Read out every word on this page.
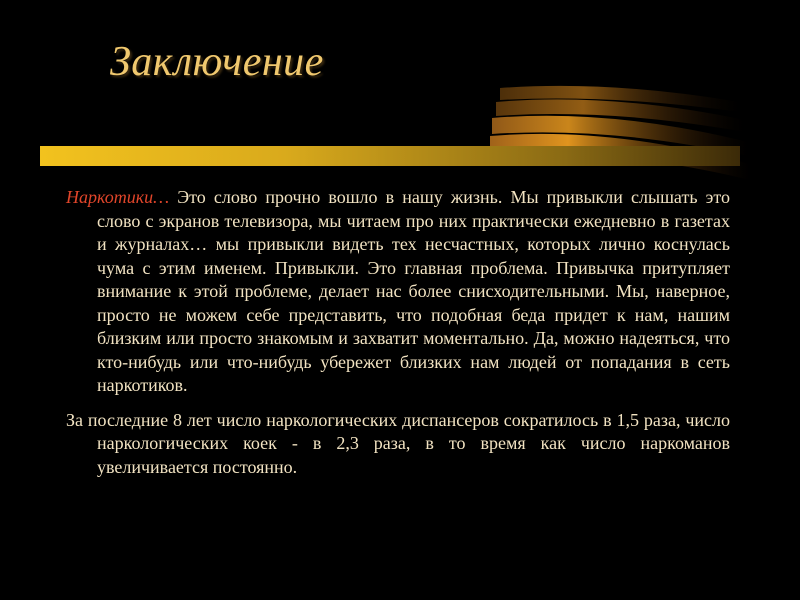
Заключение

Наркотики… Это слово прочно вошло в нашу жизнь. Мы привыкли слышать это слово с экранов телевизора, мы читаем про них практически ежедневно в газетах и журналах… мы привыкли видеть тех несчастных, которых лично коснулась чума с этим именем. Привыкли. Это главная проблема. Привычка притупляет внимание к этой проблеме, делает нас более снисходительными. Мы, наверное, просто не можем себе представить, что подобная беда придет к нам, нашим близким или просто знакомым и захватит моментально. Да, можно надеяться, что кто-нибудь или что-нибудь убережет близких нам людей от попадания в сеть наркотиков.

За последние 8 лет число наркологических диспансеров сократилось в 1,5 раза, число наркологических коек - в 2,3 раза, в то время как число наркоманов увеличивается постоянно.
